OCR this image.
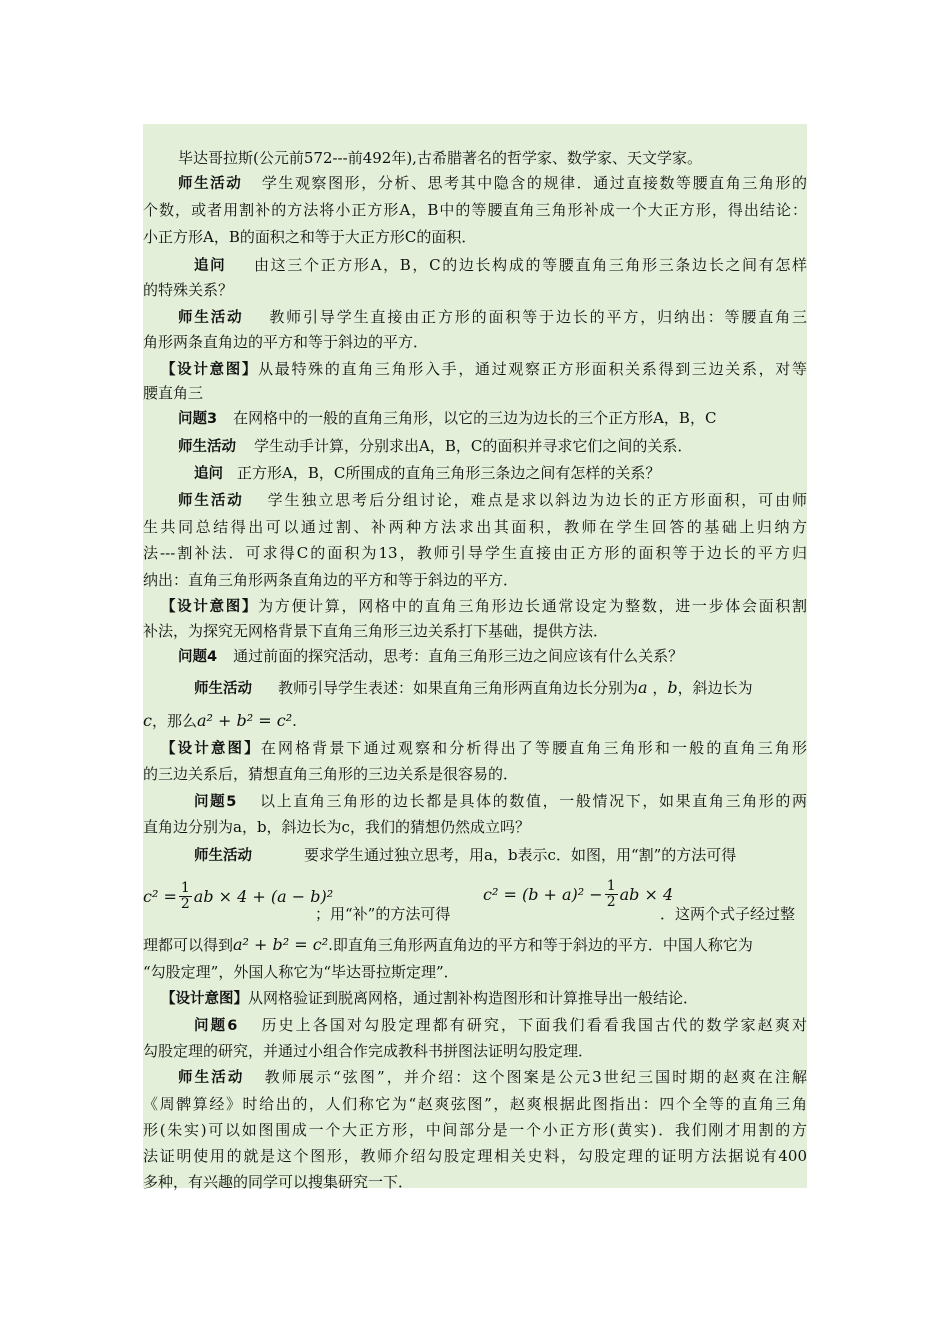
毕达哥拉斯(公元前572---前492年),古希腊著名的哲学家、数学家、天文学家。

师生活动 学生观察图形，分析、思考其中隐含的规律．通过直接数等腰直角三角形的

个数，或者用割补的方法将小正方形A，B中的等腰直角三角形补成一个大正方形，得出结论：

小正方形A，B的面积之和等于大正方形C的面积．

追问 由这三个正方形A，B，C的边长构成的等腰直角三角形三条边长之间有怎样

的特殊关系？

师生活动 教师引导学生直接由正方形的面积等于边长的平方，归纳出：等腰直角三

角形两条直角边的平方和等于斜边的平方．

【设计意图】从最特殊的直角三角形入手，通过观察正方形面积关系得到三边关系，对等

腰直角三

问题3 在网格中的一般的直角三角形，以它的三边为边长的三个正方形A，B，C

师生活动 学生动手计算，分别求出A，B，C的面积并寻求它们之间的关系．

追问 正方形A，B，C所围成的直角三角形三条边之间有怎样的关系？

师生活动 学生独立思考后分组讨论，难点是求以斜边为边长的正方形面积，可由师

生共同总结得出可以通过割、补两种方法求出其面积，教师在学生回答的基础上归纳方

法---割补法．可求得C的面积为13，教师引导学生直接由正方形的面积等于边长的平方归

纳出：直角三角形两条直角边的平方和等于斜边的平方．

【设计意图】为方便计算，网格中的直角三角形边长通常设定为整数，进一步体会面积割

补法，为探究无网格背景下直角三角形三边关系打下基础，提供方法．

问题4 通过前面的探究活动，思考：直角三角形三边之间应该有什么关系？

师生活动 教师引导学生表述：如果直角三角形两直角边长分别为a ，b，斜边长为

c，那么a² + b² = c².

【设计意图】在网格背景下通过观察和分析得出了等腰直角三角形和一般的直角三角形

的三边关系后，猜想直角三角形的三边关系是很容易的．

问题5 以上直角三角形的边长都是具体的数值，一般情况下，如果直角三角形的两

直角边分别为a，b，斜边长为c，我们的猜想仍然成立吗？

师生活动	要求学生通过独立思考，用a，b表示c．如图，用“割”的方法可得

$c^2 = \frac{1}{2}$ ab × 4 + (a − b)²

；用“补”的方法可得

$c^2 = (b + a)^2 - \frac{1}{2}$ ab × 4

．这两个式子经过整

理都可以得到a² + b² = c².即直角三角形两直角边的平方和等于斜边的平方．中国人称它为

“勾股定理”，外国人称它为“毕达哥拉斯定理”．

【设计意图】从网格验证到脱离网格，通过割补构造图形和计算推导出一般结论．

问题6 历史上各国对勾股定理都有研究，下面我们看看我国古代的数学家赵爽对

勾股定理的研究，并通过小组合作完成教科书拼图法证明勾股定理．

师生活动 教师展示“弦图”，并介绍：这个图案是公元3世纪三国时期的赵爽在注解

《周髀算经》时给出的，人们称它为“赵爽弦图”，赵爽根据此图指出：四个全等的直角三角

形(朱实)可以如图围成一个大正方形，中间部分是一个小正方形(黄实)．我们刚才用割的方

法证明使用的就是这个图形，教师介绍勾股定理相关史料，勾股定理的证明方法据说有400

多种，有兴趣的同学可以搜集研究一下．
